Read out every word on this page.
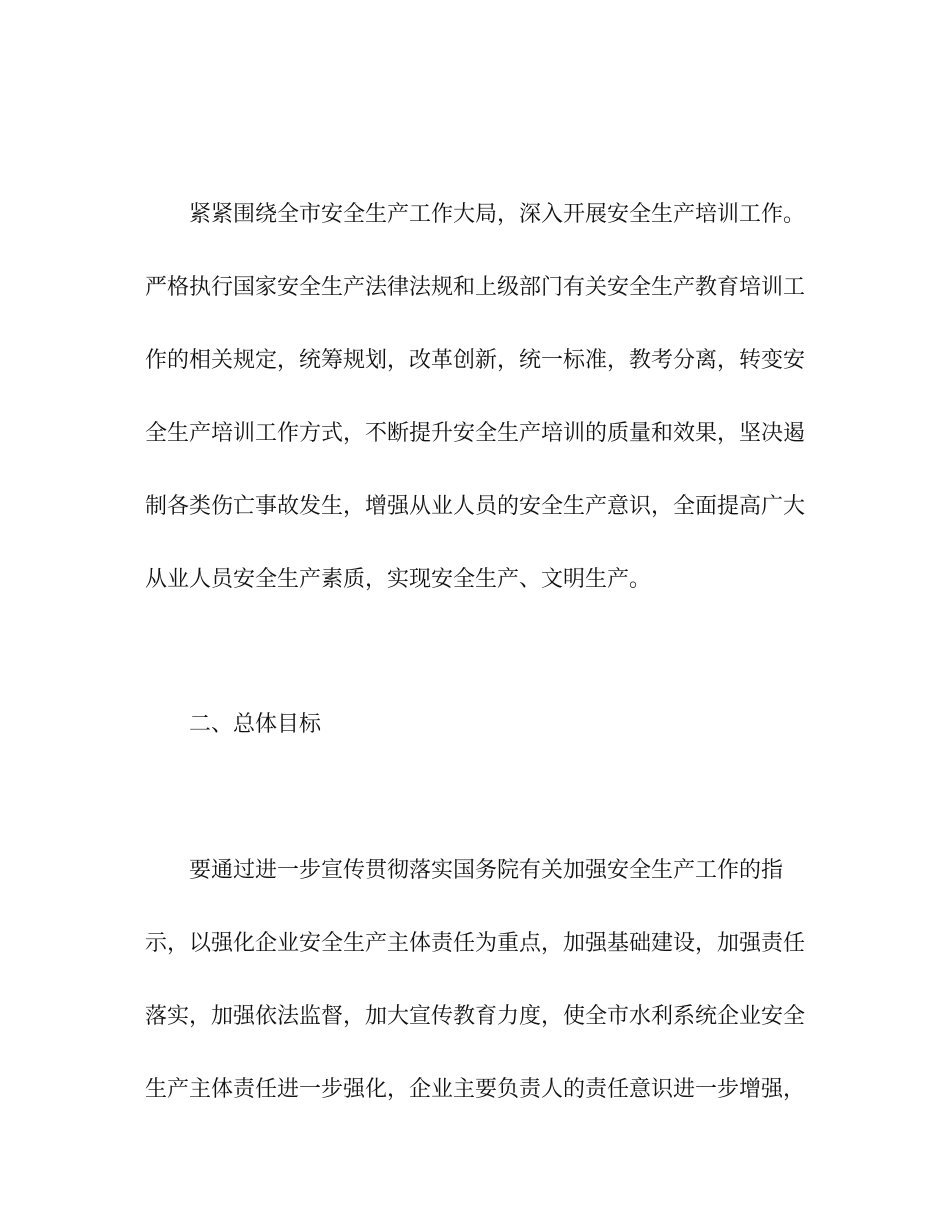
紧紧围绕全市安全生产工作大局，深入开展安全生产培训工作。

严格执行国家安全生产法律法规和上级部门有关安全生产教育培训工

作的相关规定，统筹规划，改革创新，统一标准，教考分离，转变安

全生产培训工作方式，不断提升安全生产培训的质量和效果，坚决遏

制各类伤亡事故发生，增强从业人员的安全生产意识，全面提高广大

从业人员安全生产素质，实现安全生产、文明生产。

二、总体目标

要通过进一步宣传贯彻落实国务院有关加强安全生产工作的指

示，以强化企业安全生产主体责任为重点，加强基础建设，加强责任

落实，加强依法监督，加大宣传教育力度，使全市水利系统企业安全

生产主体责任进一步强化，企业主要负责人的责任意识进一步增强，
